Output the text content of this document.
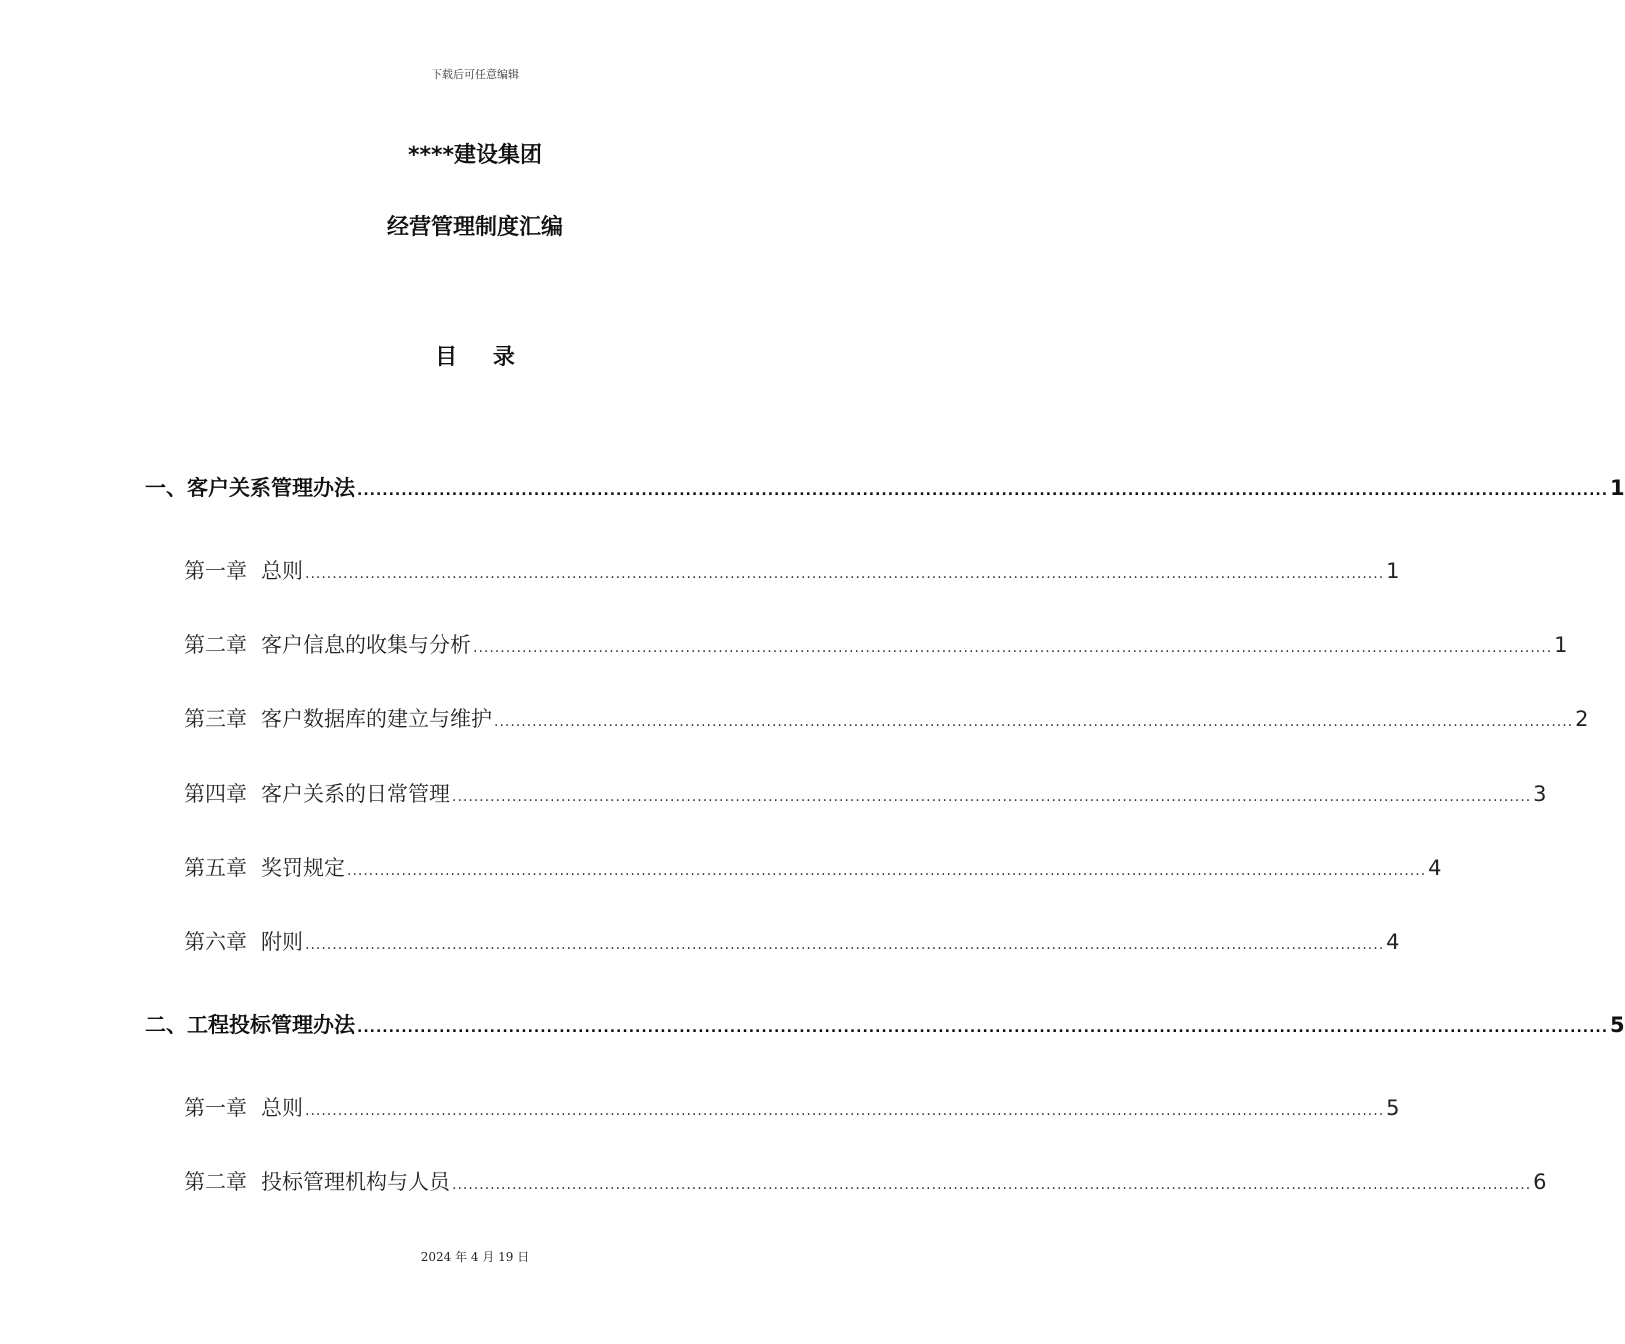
下载后可任意编辑
****建设集团
经营管理制度汇编
目 录
一、 客户关系管理办法 ...................................................................................................................................................................................................... 1
第一章 总则 ...................................................................................................................................................................................................... 1
第二章 客户信息的收集与分析 ...................................................................................................................................................................................................... 1
第三章 客户数据库的建立与维护 ...................................................................................................................................................................................................... 2
第四章 客户关系的日常管理 ...................................................................................................................................................................................................... 3
第五章 奖罚规定 ...................................................................................................................................................................................................... 4
第六章 附则 ...................................................................................................................................................................................................... 4
二、 工程投标管理办法 ...................................................................................................................................................................................................... 5
第一章 总则 ...................................................................................................................................................................................................... 5
第二章 投标管理机构与人员 ...................................................................................................................................................................................................... 6
2024 年 4 月 19 日
